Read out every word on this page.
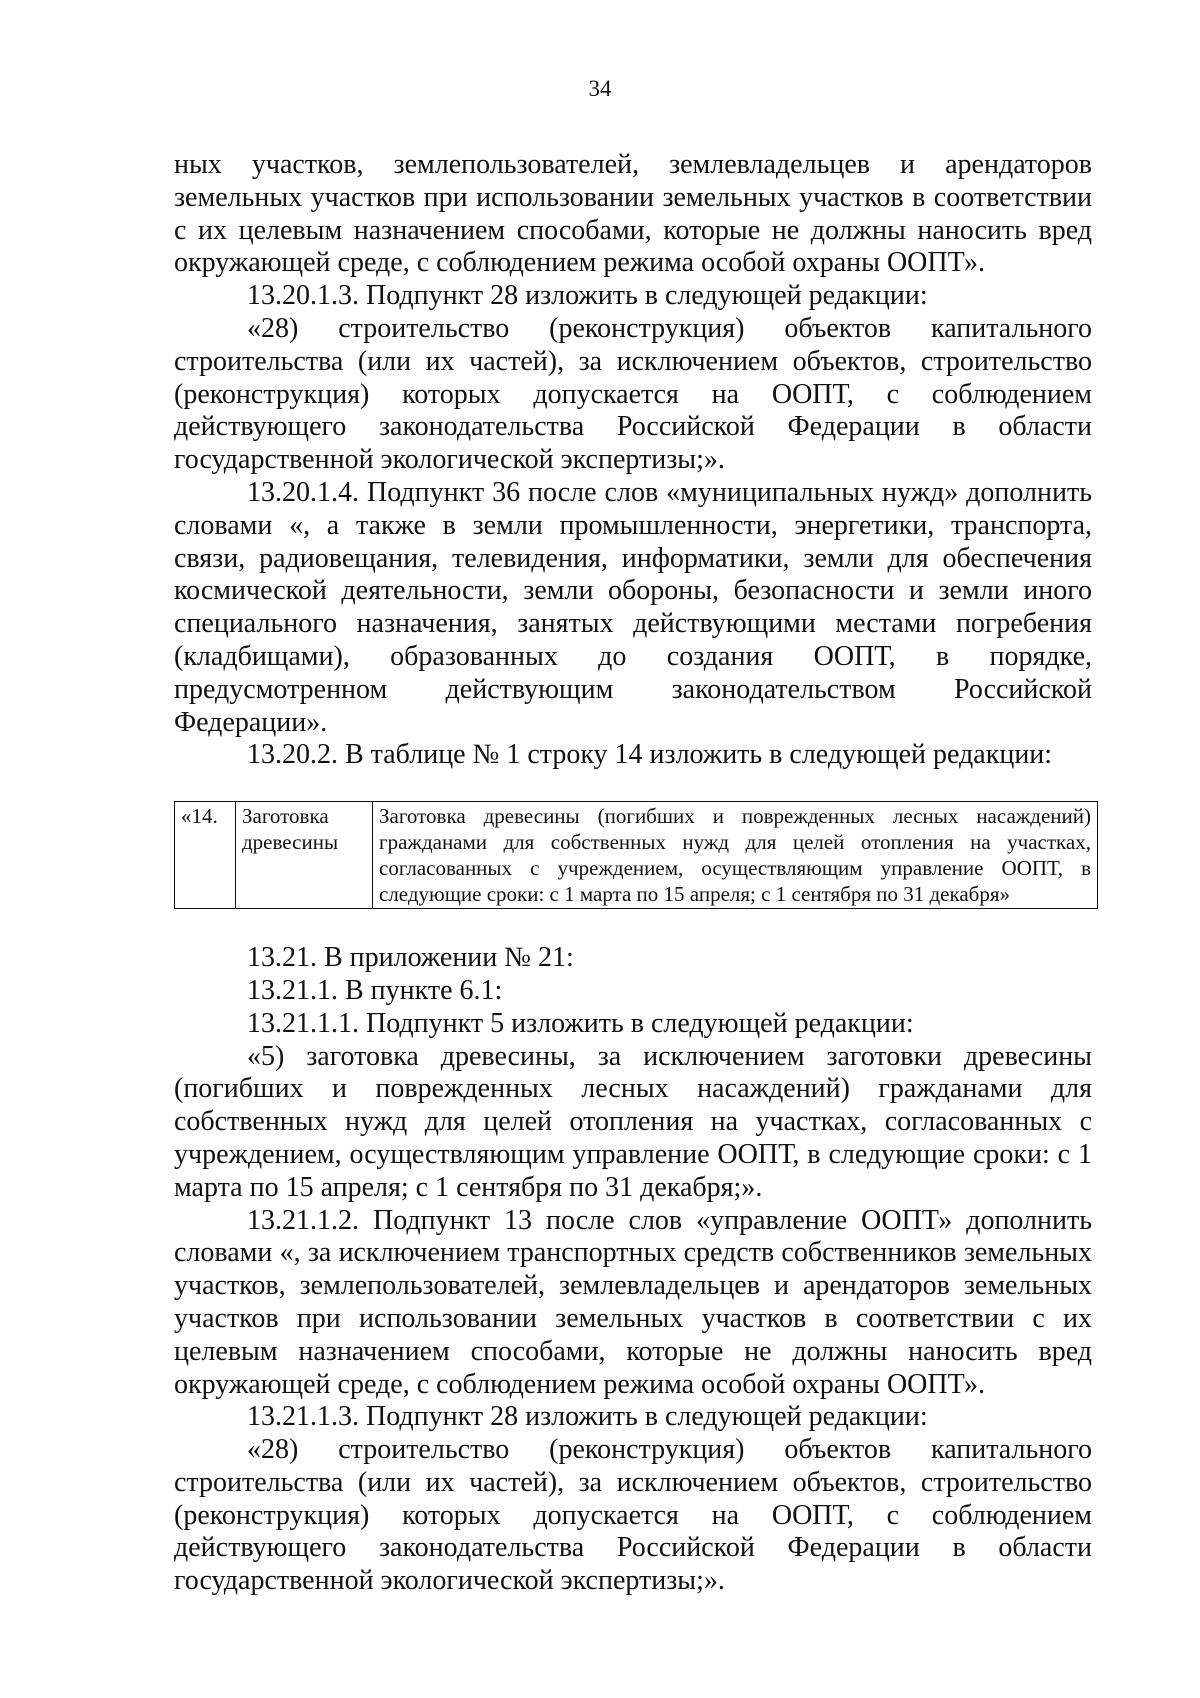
34

ных участков, землепользователей, землевладельцев и арендаторов земельных участков при использовании земельных участков в соответствии с их целевым назначением способами, которые не должны наносить вред окружающей среде, с соблюдением режима особой охраны ООПТ».

13.20.1.3. Подпункт 28 изложить в следующей редакции:

«28) строительство (реконструкция) объектов капитального строительства (или их частей), за исключением объектов, строительство (реконструкция) которых допускается на ООПТ, с соблюдением действующего законодательства Российской Федерации в области государственной экологической экспертизы;».

13.20.1.4. Подпункт 36 после слов «муниципальных нужд» дополнить словами «, а также в земли промышленности, энергетики, транспорта, связи, радиовещания, телевидения, информатики, земли для обеспечения космической деятельности, земли обороны, безопасности и земли иного специального назначения, занятых действующими местами погребения (кладбищами), образованных до создания ООПТ, в порядке, предусмотренном действующим законодательством Российской Федерации».

13.20.2. В таблице № 1 строку 14 изложить в следующей редакции:

«14.	Заготовка древесины	Заготовка древесины (погибших и поврежденных лесных насаждений) гражданами для собственных нужд для целей отопления на участках, согласованных с учреждением, осуществляющим управление ООПТ, в следующие сроки: с 1 марта по 15 апреля; с 1 сентября по 31 декабря»

13.21. В приложении № 21:

13.21.1. В пункте 6.1:

13.21.1.1. Подпункт 5 изложить в следующей редакции:

«5) заготовка древесины, за исключением заготовки древесины (погибших и поврежденных лесных насаждений) гражданами для собственных нужд для целей отопления на участках, согласованных с учреждением, осуществляющим управление ООПТ, в следующие сроки: с 1 марта по 15 апреля; с 1 сентября по 31 декабря;».

13.21.1.2. Подпункт 13 после слов «управление ООПТ» дополнить словами «, за исключением транспортных средств собственников земельных участков, землепользователей, землевладельцев и арендаторов земельных участков при использовании земельных участков в соответствии с их целевым назначением способами, которые не должны наносить вред окружающей среде, с соблюдением режима особой охраны ООПТ».

13.21.1.3. Подпункт 28 изложить в следующей редакции:

«28) строительство (реконструкция) объектов капитального строительства (или их частей), за исключением объектов, строительство (реконструкция) которых допускается на ООПТ, с соблюдением действующего законодательства Российской Федерации в области государственной экологической экспертизы;».
